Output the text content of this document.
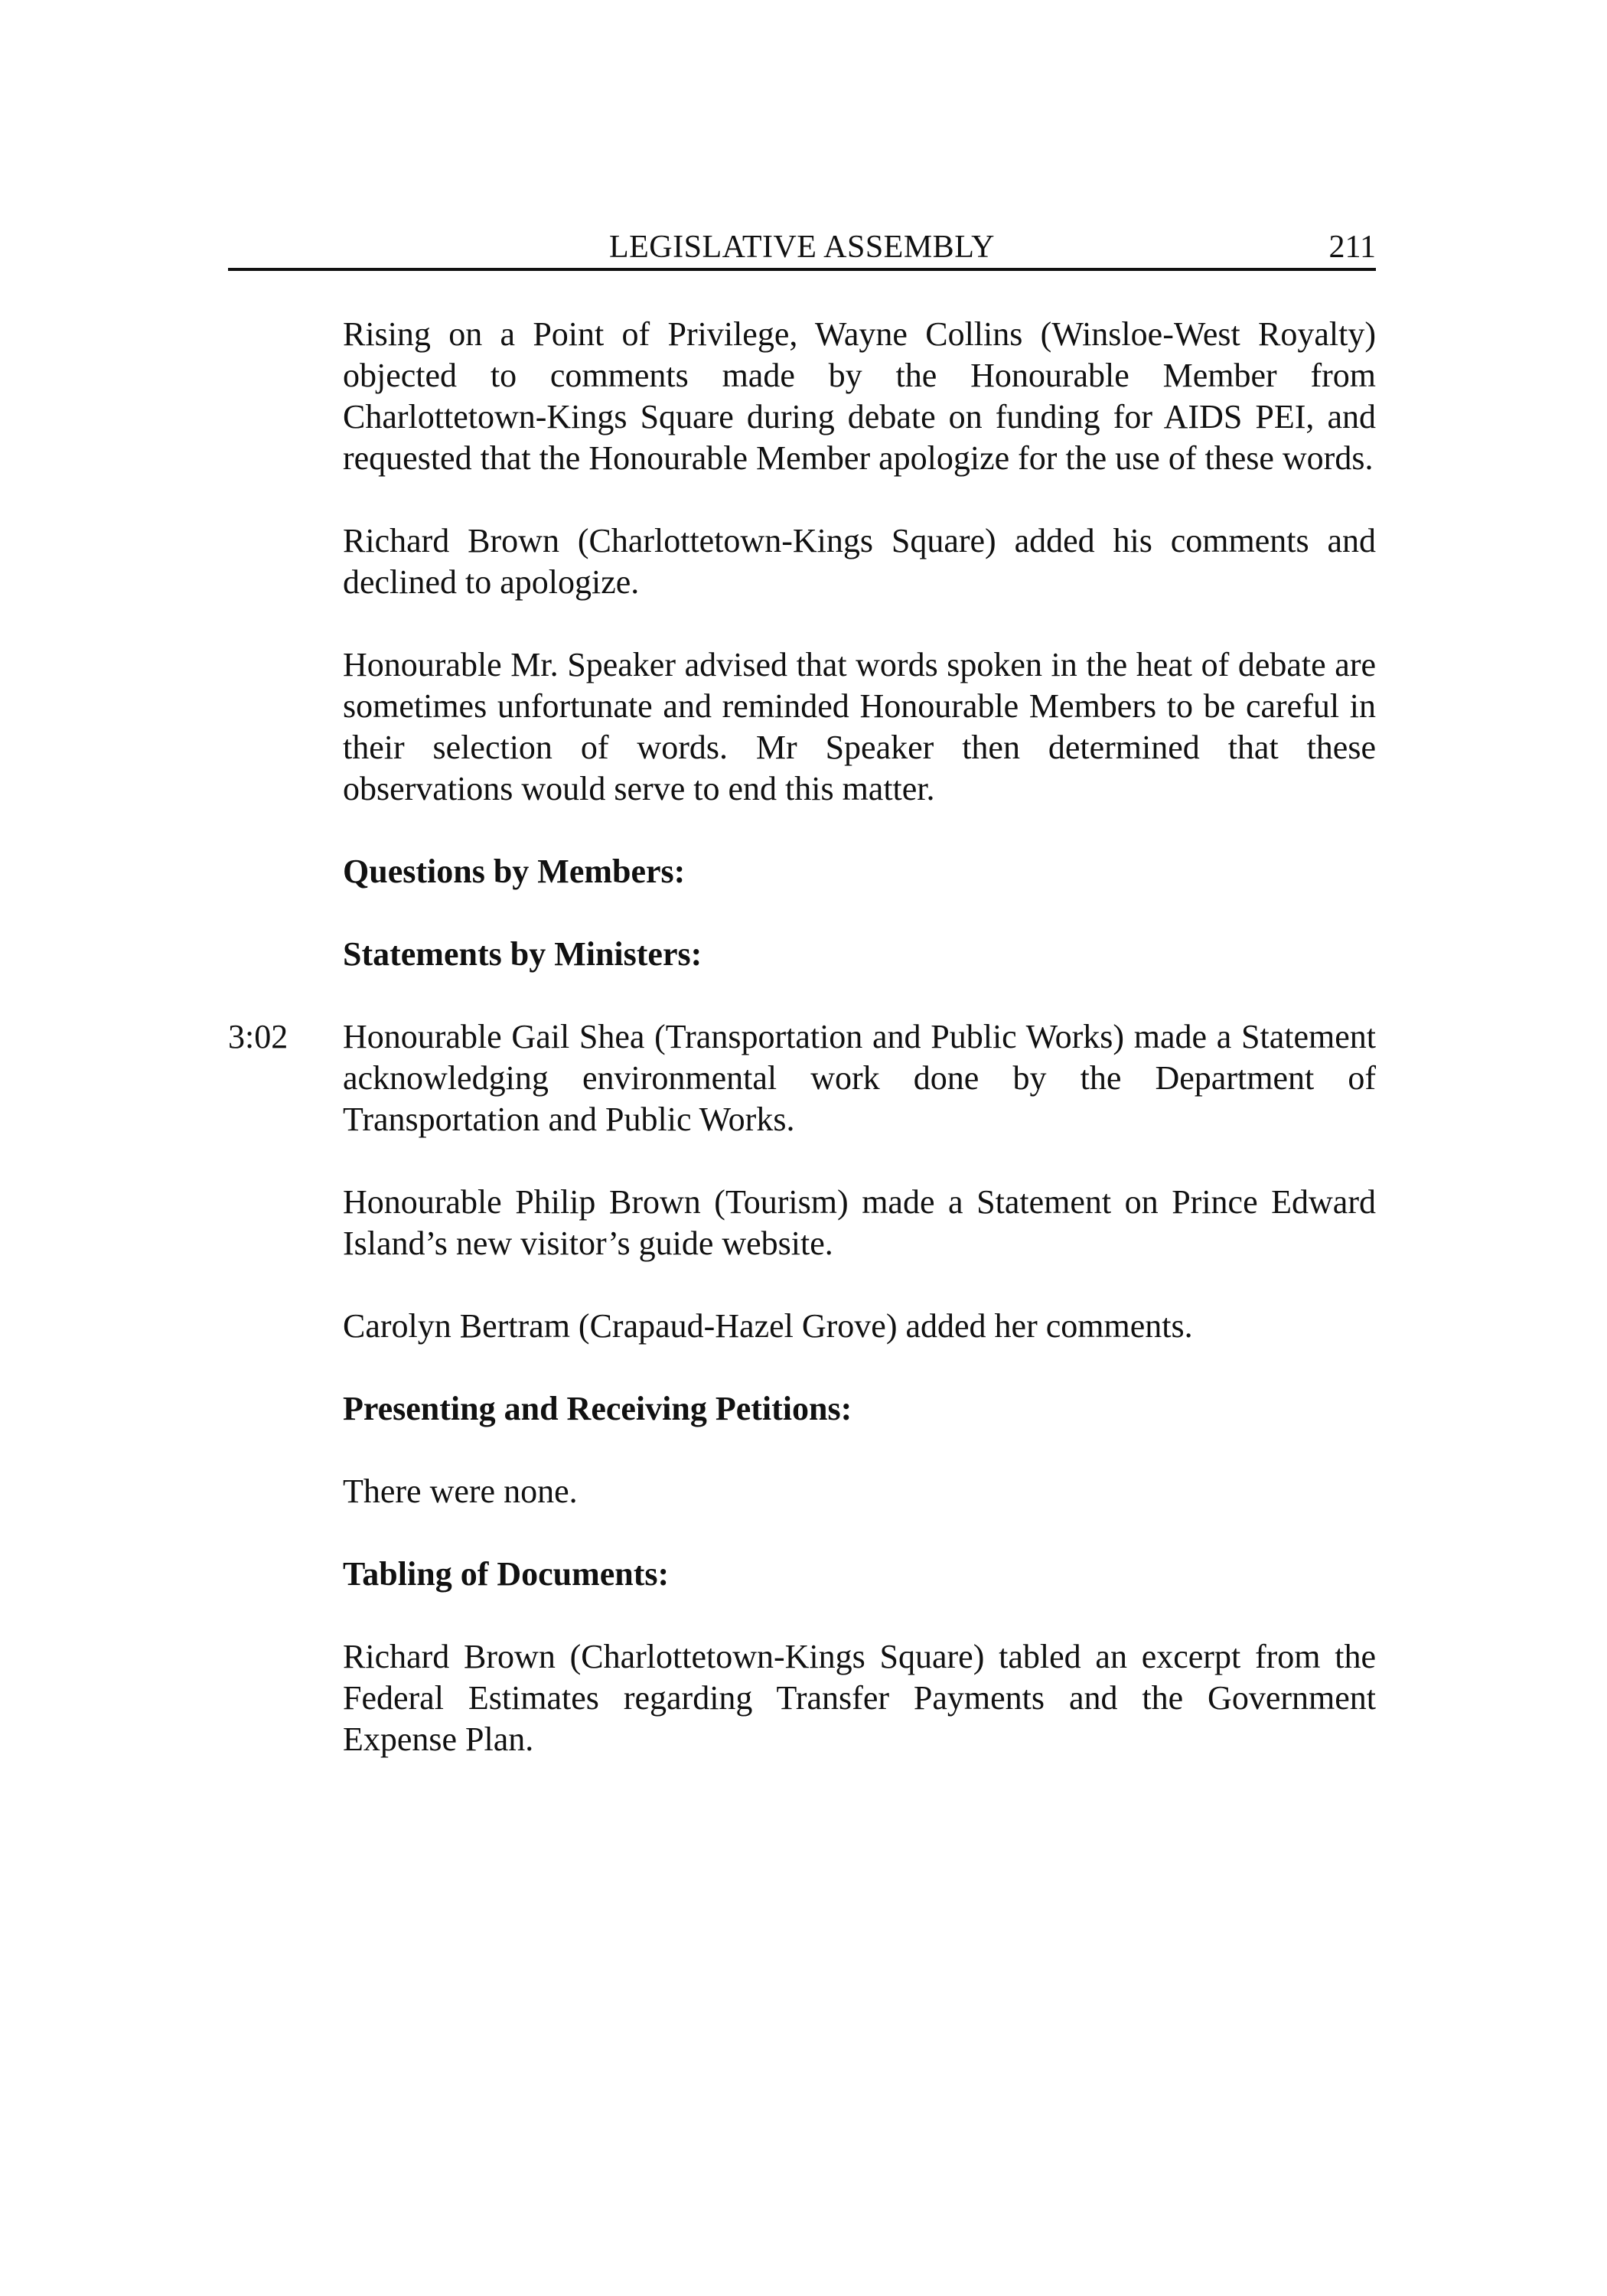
LEGISLATIVE ASSEMBLY	211

Rising on a Point of Privilege, Wayne Collins (Winsloe-West Royalty) objected to comments made by the Honourable Member from Charlottetown-Kings Square during debate on funding for AIDS PEI, and requested that the Honourable Member apologize for the use of these words.

Richard Brown (Charlottetown-Kings Square) added his comments and declined to apologize.

Honourable Mr. Speaker advised that words spoken in the heat of debate are sometimes unfortunate and reminded Honourable Members to be careful in their selection of words. Mr Speaker then determined that these observations would serve to end this matter.

Questions by Members:
Statements by Ministers:
3:02 Honourable Gail Shea (Transportation and Public Works) made a Statement acknowledging environmental work done by the Department of Transportation and Public Works.

Honourable Philip Brown (Tourism) made a Statement on Prince Edward Island’s new visitor’s guide website.

Carolyn Bertram (Crapaud-Hazel Grove) added her comments.

Presenting and Receiving Petitions:

There were none.

Tabling of Documents:

Richard Brown (Charlottetown-Kings Square) tabled an excerpt from the Federal Estimates regarding Transfer Payments and the Government Expense Plan.
